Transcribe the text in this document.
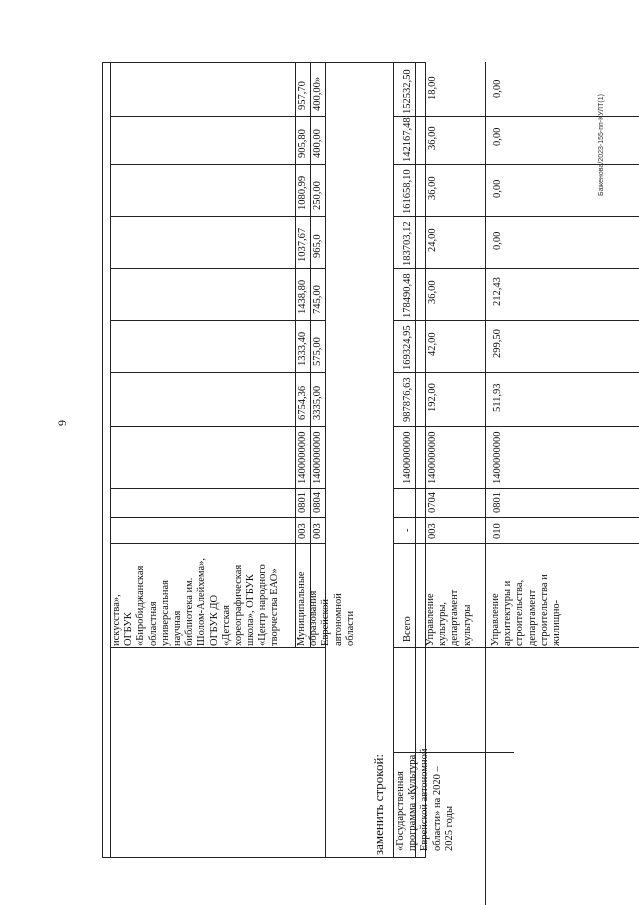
9
искусства», ОГБУК «Биробиджанская областная универсальная научная библиотека им. Шолом-Алейхема», ОГБУК ДО «Детская хореографическая школа», ОГБУК «Центр народного творчества ЕАО» Муниципальные образования Еврейской автономной области
003
0801
1400000000
6754,36
1333,40
1438,80
1037,67
1080,99
905,80
957,70
003
0804
1400000000
3335,00
575,00
745,00
965,0
250,00
400,00
400,00»
заменить строкой: «Государственная программа «Культура Еврейской автономной области» на 2020 – 2025 годы
Всего
-
1400000000
987876,63
169324,95
178490,48
183703,12
161658,10
142167,48
152532,50
Управление культуры, департамент культуры
003
0704
1400000000
192,00
42,00
36,00
24,00
36,00
36,00
18,00
Управление архитектуры и строительства, департамент строительства и жилищно-
010
0801
1400000000
511,93
299,50
212,43
0,00
0,00
0,00
0,00
Баженова/2023-155-пп-КУЛТ(1)
